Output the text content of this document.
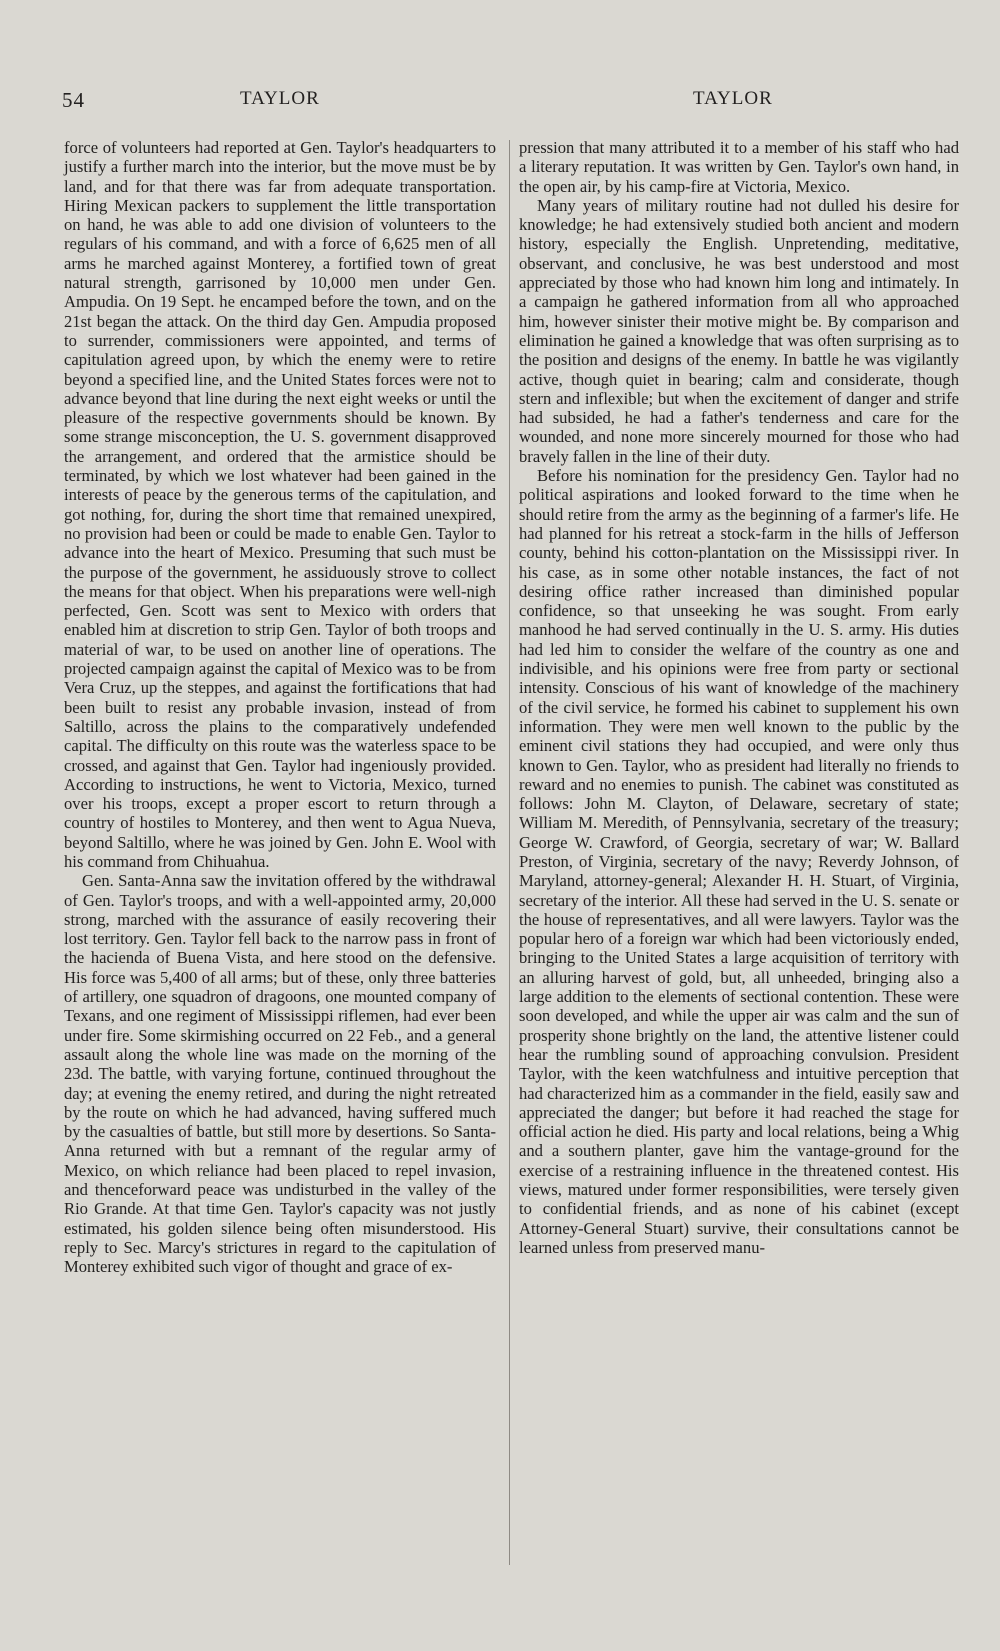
54	TAYLOR	TAYLOR

force of volunteers had reported at Gen. Taylor's headquarters to justify a further march into the interior, but the move must be by land, and for that there was far from adequate transportation. Hiring Mexican packers to supplement the little transportation on hand, he was able to add one division of volunteers to the regulars of his command, and with a force of 6,625 men of all arms he marched against Monterey, a fortified town of great natural strength, garrisoned by 10,000 men under Gen. Ampudia. On 19 Sept. he encamped before the town, and on the 21st began the attack. On the third day Gen. Ampudia proposed to surrender, commissioners were appointed, and terms of capitulation agreed upon, by which the enemy were to retire beyond a specified line, and the United States forces were not to advance beyond that line during the next eight weeks or until the pleasure of the respective governments should be known. By some strange misconception, the U. S. government disapproved the arrangement, and ordered that the armistice should be terminated, by which we lost whatever had been gained in the interests of peace by the generous terms of the capitulation, and got nothing, for, during the short time that remained unexpired, no provision had been or could be made to enable Gen. Taylor to advance into the heart of Mexico. Presuming that such must be the purpose of the government, he assiduously strove to collect the means for that object. When his preparations were well-nigh perfected, Gen. Scott was sent to Mexico with orders that enabled him at discretion to strip Gen. Taylor of both troops and material of war, to be used on another line of operations. The projected campaign against the capital of Mexico was to be from Vera Cruz, up the steppes, and against the fortifications that had been built to resist any probable invasion, instead of from Saltillo, across the plains to the comparatively undefended capital. The difficulty on this route was the waterless space to be crossed, and against that Gen. Taylor had ingeniously provided. According to instructions, he went to Victoria, Mexico, turned over his troops, except a proper escort to return through a country of hostiles to Monterey, and then went to Agua Nueva, beyond Saltillo, where he was joined by Gen. John E. Wool with his command from Chihuahua.

Gen. Santa-Anna saw the invitation offered by the withdrawal of Gen. Taylor's troops, and with a well-appointed army, 20,000 strong, marched with the assurance of easily recovering their lost territory. Gen. Taylor fell back to the narrow pass in front of the hacienda of Buena Vista, and here stood on the defensive. His force was 5,400 of all arms; but of these, only three batteries of artillery, one squadron of dragoons, one mounted company of Texans, and one regiment of Mississippi riflemen, had ever been under fire. Some skirmishing occurred on 22 Feb., and a general assault along the whole line was made on the morning of the 23d. The battle, with varying fortune, continued throughout the day; at evening the enemy retired, and during the night retreated by the route on which he had advanced, having suffered much by the casualties of battle, but still more by desertions. So Santa-Anna returned with but a remnant of the regular army of Mexico, on which reliance had been placed to repel invasion, and thenceforward peace was undisturbed in the valley of the Rio Grande. At that time Gen. Taylor's capacity was not justly estimated, his golden silence being often misunderstood. His reply to Sec. Marcy's strictures in regard to the capitulation of Monterey exhibited such vigor of thought and grace of ex-

pression that many attributed it to a member of his staff who had a literary reputation. It was written by Gen. Taylor's own hand, in the open air, by his camp-fire at Victoria, Mexico.

Many years of military routine had not dulled his desire for knowledge; he had extensively studied both ancient and modern history, especially the English. Unpretending, meditative, observant, and conclusive, he was best understood and most appreciated by those who had known him long and intimately. In a campaign he gathered information from all who approached him, however sinister their motive might be. By comparison and elimination he gained a knowledge that was often surprising as to the position and designs of the enemy. In battle he was vigilantly active, though quiet in bearing; calm and considerate, though stern and inflexible; but when the excitement of danger and strife had subsided, he had a father's tenderness and care for the wounded, and none more sincerely mourned for those who had bravely fallen in the line of their duty.

Before his nomination for the presidency Gen. Taylor had no political aspirations and looked forward to the time when he should retire from the army as the beginning of a farmer's life. He had planned for his retreat a stock-farm in the hills of Jefferson county, behind his cotton-plantation on the Mississippi river. In his case, as in some other notable instances, the fact of not desiring office rather increased than diminished popular confidence, so that unseeking he was sought. From early manhood he had served continually in the U. S. army. His duties had led him to consider the welfare of the country as one and indivisible, and his opinions were free from party or sectional intensity. Conscious of his want of knowledge of the machinery of the civil service, he formed his cabinet to supplement his own information. They were men well known to the public by the eminent civil stations they had occupied, and were only thus known to Gen. Taylor, who as president had literally no friends to reward and no enemies to punish. The cabinet was constituted as follows: John M. Clayton, of Delaware, secretary of state; William M. Meredith, of Pennsylvania, secretary of the treasury; George W. Crawford, of Georgia, secretary of war; W. Ballard Preston, of Virginia, secretary of the navy; Reverdy Johnson, of Maryland, attorney-general; Alexander H. H. Stuart, of Virginia, secretary of the interior. All these had served in the U. S. senate or the house of representatives, and all were lawyers. Taylor was the popular hero of a foreign war which had been victoriously ended, bringing to the United States a large acquisition of territory with an alluring harvest of gold, but, all unheeded, bringing also a large addition to the elements of sectional contention. These were soon developed, and while the upper air was calm and the sun of prosperity shone brightly on the land, the attentive listener could hear the rumbling sound of approaching convulsion. President Taylor, with the keen watchfulness and intuitive perception that had characterized him as a commander in the field, easily saw and appreciated the danger; but before it had reached the stage for official action he died. His party and local relations, being a Whig and a southern planter, gave him the vantage-ground for the exercise of a restraining influence in the threatened contest. His views, matured under former responsibilities, were tersely given to confidential friends, and as none of his cabinet (except Attorney-General Stuart) survive, their consultations cannot be learned unless from preserved manu-
